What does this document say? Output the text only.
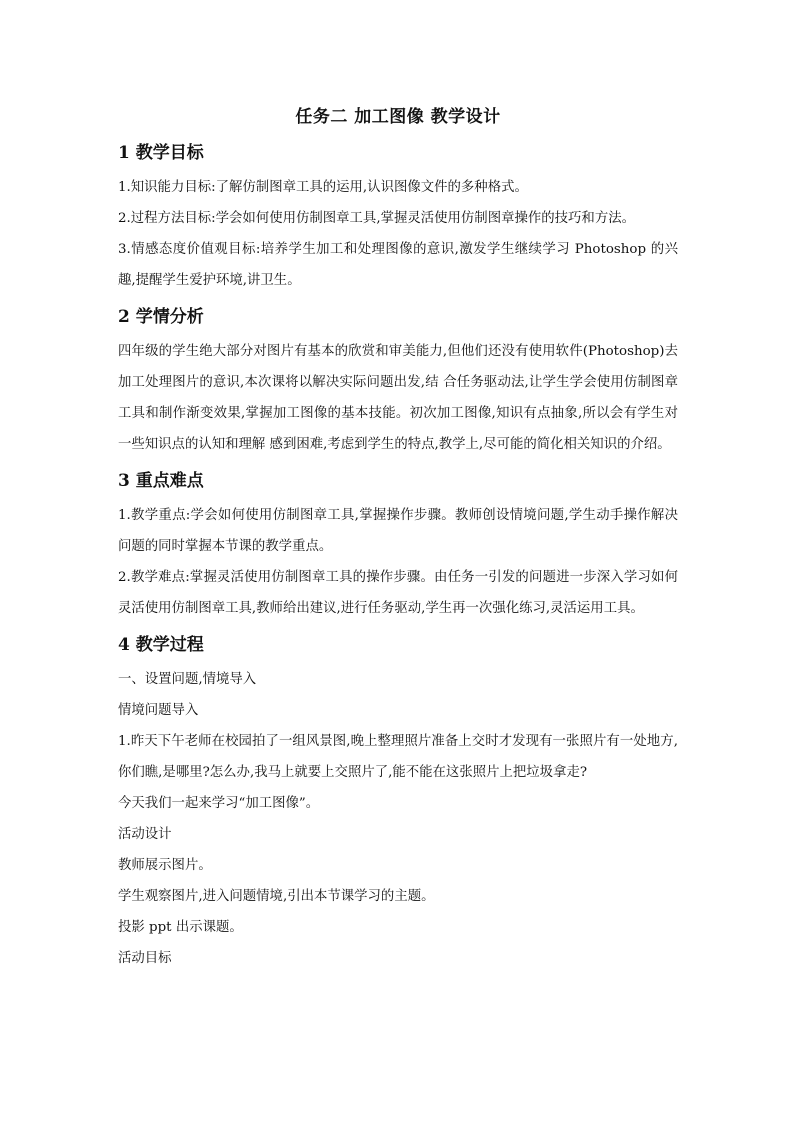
任务二 加工图像 教学设计
1 教学目标

1.知识能力目标:了解仿制图章工具的运用,认识图像文件的多种格式。

2.过程方法目标:学会如何使用仿制图章工具,掌握灵活使用仿制图章操作的技巧和方法。

3.情感态度价值观目标:培养学生加工和处理图像的意识,激发学生继续学习 Photoshop 的兴趣,提醒学生爱护环境,讲卫生。

2 学情分析

四年级的学生绝大部分对图片有基本的欣赏和审美能力,但他们还没有使用软件(Photoshop)去加工处理图片的意识,本次课将以解决实际问题出发,结 合任务驱动法,让学生学会使用仿制图章工具和制作渐变效果,掌握加工图像的基本技能。初次加工图像,知识有点抽象,所以会有学生对一些知识点的认知和理解 感到困难,考虑到学生的特点,教学上,尽可能的简化相关知识的介绍。

3 重点难点

1.教学重点:学会如何使用仿制图章工具,掌握操作步骤。教师创设情境问题,学生动手操作解决问题的同时掌握本节课的教学重点。

2.教学难点:掌握灵活使用仿制图章工具的操作步骤。由任务一引发的问题进一步深入学习如何灵活使用仿制图章工具,教师给出建议,进行任务驱动,学生再一次强化练习,灵活运用工具。

4 教学过程

一、设置问题,情境导入

情境问题导入

1.昨天下午老师在校园拍了一组风景图,晚上整理照片准备上交时才发现有一张照片有一处地方,你们瞧,是哪里?怎么办,我马上就要上交照片了,能不能在这张照片上把垃圾拿走?

今天我们一起来学习“加工图像”。

活动设计

教师展示图片。

学生观察图片,进入问题情境,引出本节课学习的主题。

投影 ppt 出示课题。

活动目标
